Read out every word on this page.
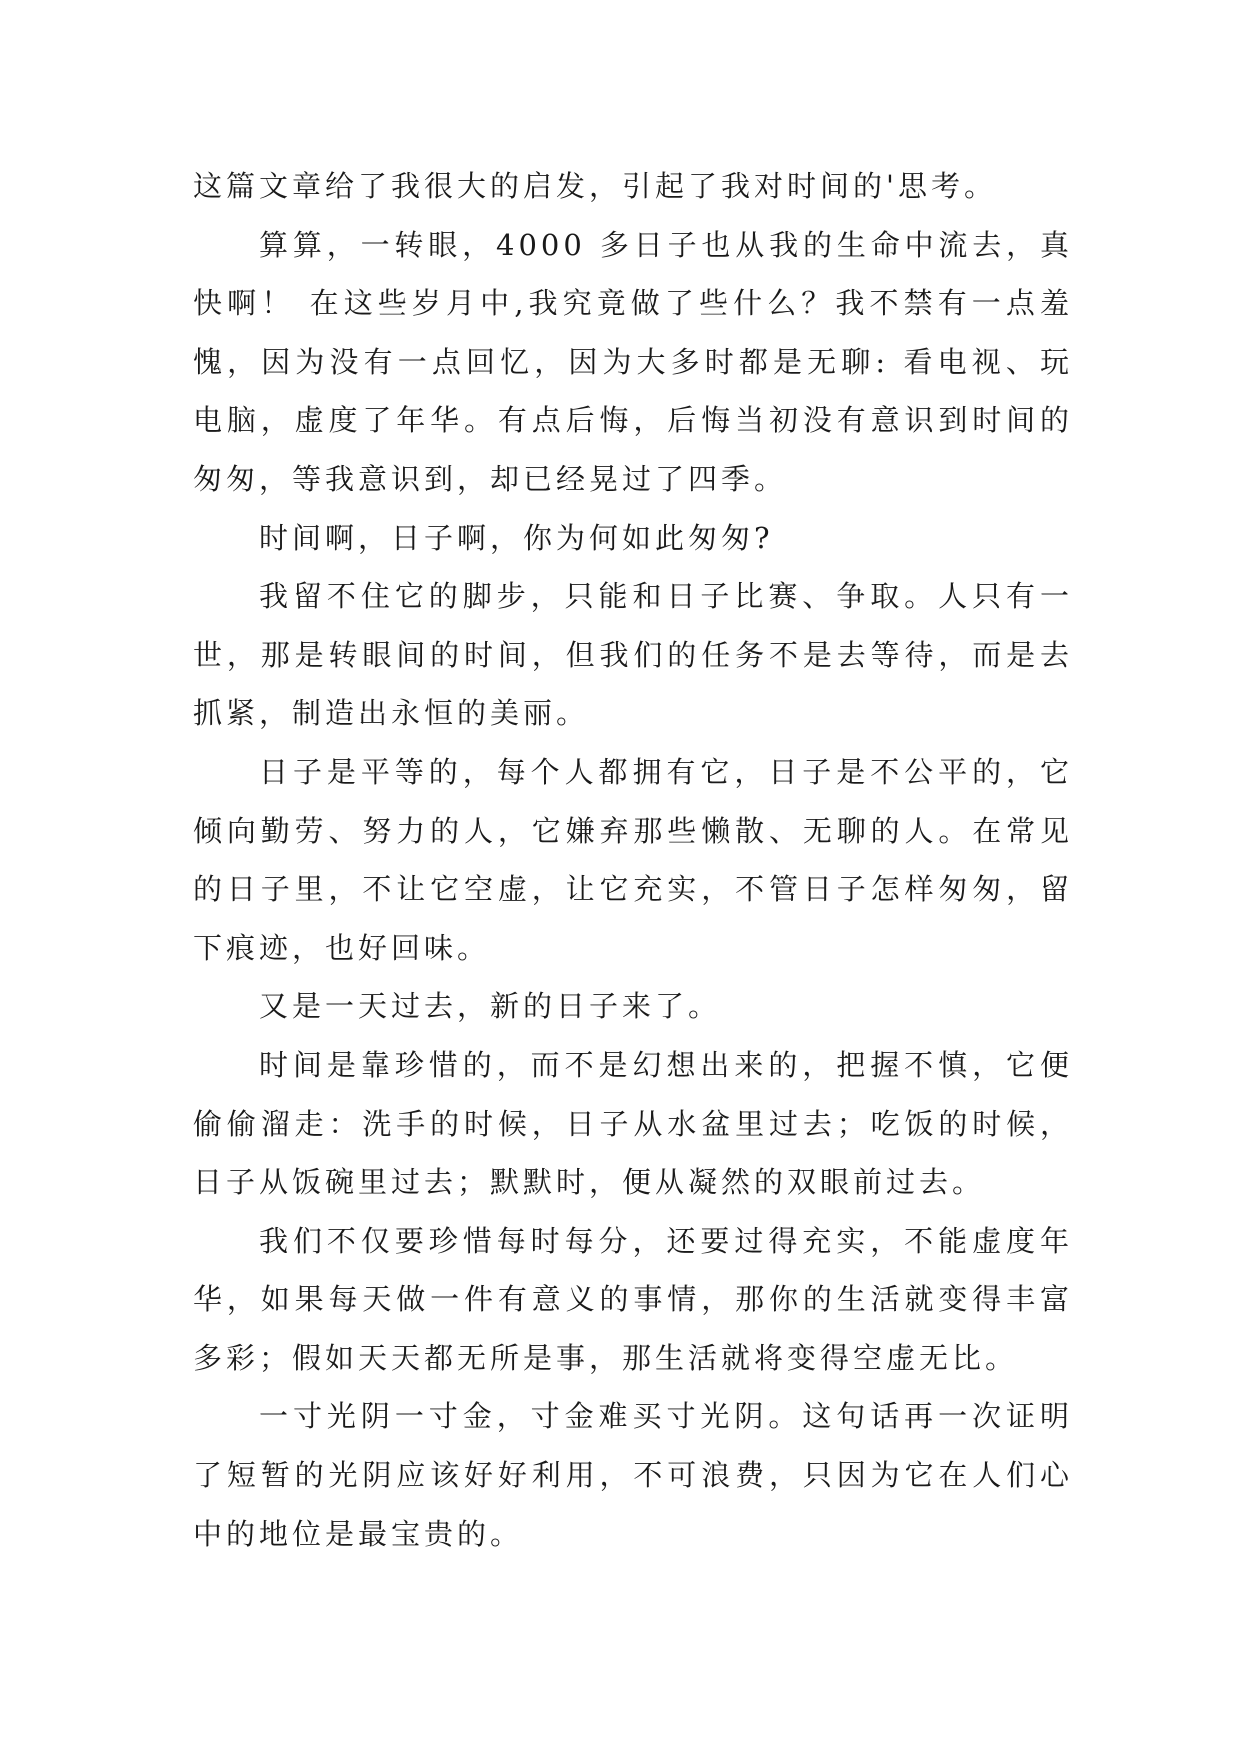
这篇文章给了我很大的启发，引起了我对时间的'思考。

算算，一转眼，4000 多日子也从我的生命中流去，真快啊！ 在这些岁月中,我究竟做了些什么？我不禁有一点羞愧，因为没有一点回忆，因为大多时都是无聊: 看电视、玩电脑，虚度了年华。有点后悔，后悔当初没有意识到时间的匆匆，等我意识到，却已经晃过了四季。

时间啊，日子啊，你为何如此匆匆?

我留不住它的脚步，只能和日子比赛、争取。人只有一世，那是转眼间的时间，但我们的任务不是去等待，而是去抓紧，制造出永恒的美丽。

日子是平等的，每个人都拥有它，日子是不公平的，它倾向勤劳、努力的人，它嫌弃那些懒散、无聊的人。在常见的日子里，不让它空虚，让它充实，不管日子怎样匆匆，留下痕迹，也好回味。

又是一天过去，新的日子来了。

时间是靠珍惜的，而不是幻想出来的，把握不慎，它便偷偷溜走：洗手的时候，日子从水盆里过去；吃饭的时候，日子从饭碗里过去；默默时，便从凝然的双眼前过去。

我们不仅要珍惜每时每分，还要过得充实，不能虚度年华，如果每天做一件有意义的事情，那你的生活就变得丰富多彩；假如天天都无所是事，那生活就将变得空虚无比。

一寸光阴一寸金，寸金难买寸光阴。这句话再一次证明了短暂的光阴应该好好利用，不可浪费，只因为它在人们心中的地位是最宝贵的。
